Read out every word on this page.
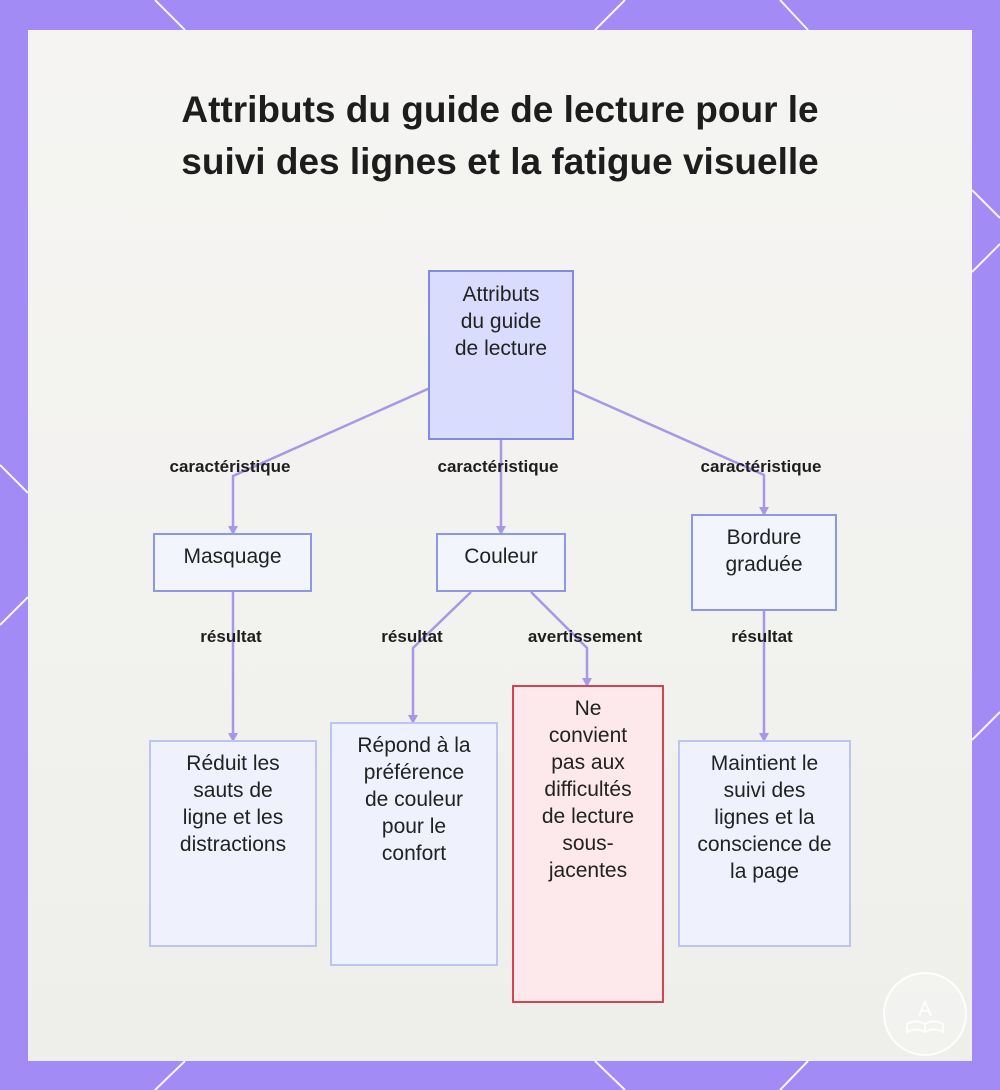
Attributs du guide de lecture pour le suivi des lignes et la fatigue visuelle
Attributs du guide de lecture
caractéristique	caractéristique	caractéristique
Masquage	Couleur
Bordure graduée
résultat	résultat	avertissement	résultat
Réduit les sauts de ligne et les distractions
Répond à la préférence de couleur pour le confort
Ne convient pas aux difficultés de lecture sous-jacentes
Maintient le suivi des lignes et la conscience de la page
